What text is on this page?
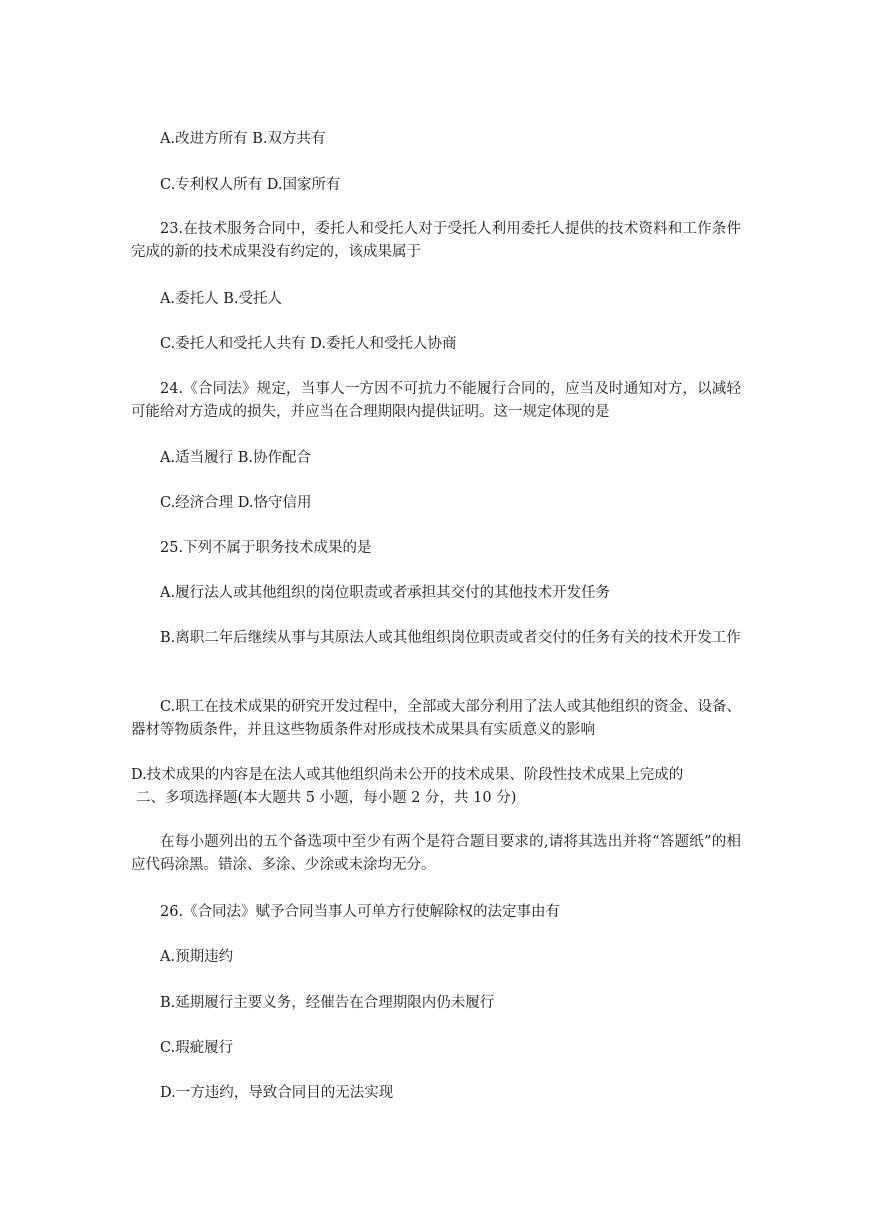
A.改进方所有 B.双方共有
C.专利权人所有 D.国家所有
23.在技术服务合同中，委托人和受托人对于受托人利用委托人提供的技术资料和工作条件完成的新的技术成果没有约定的，该成果属于
A.委托人 B.受托人
C.委托人和受托人共有 D.委托人和受托人协商
24.《合同法》规定，当事人一方因不可抗力不能履行合同的，应当及时通知对方，以减轻可能给对方造成的损失，并应当在合理期限内提供证明。这一规定体现的是
A.适当履行 B.协作配合
C.经济合理 D.恪守信用
25.下列不属于职务技术成果的是
A.履行法人或其他组织的岗位职责或者承担其交付的其他技术开发任务
B.离职二年后继续从事与其原法人或其他组织岗位职责或者交付的任务有关的技术开发工作
C.职工在技术成果的研究开发过程中，全部或大部分利用了法人或其他组织的资金、设备、器材等物质条件，并且这些物质条件对形成技术成果具有实质意义的影响
D.技术成果的内容是在法人或其他组织尚未公开的技术成果、阶段性技术成果上完成的
二、多项选择题(本大题共 5 小题，每小题 2 分，共 10 分)
在每小题列出的五个备选项中至少有两个是符合题目要求的,请将其选出并将“答题纸”的相应代码涂黑。错涂、多涂、少涂或未涂均无分。
26.《合同法》赋予合同当事人可单方行使解除权的法定事由有
A.预期违约
B.延期履行主要义务，经催告在合理期限内仍未履行
C.瑕疵履行
D.一方违约，导致合同目的无法实现
